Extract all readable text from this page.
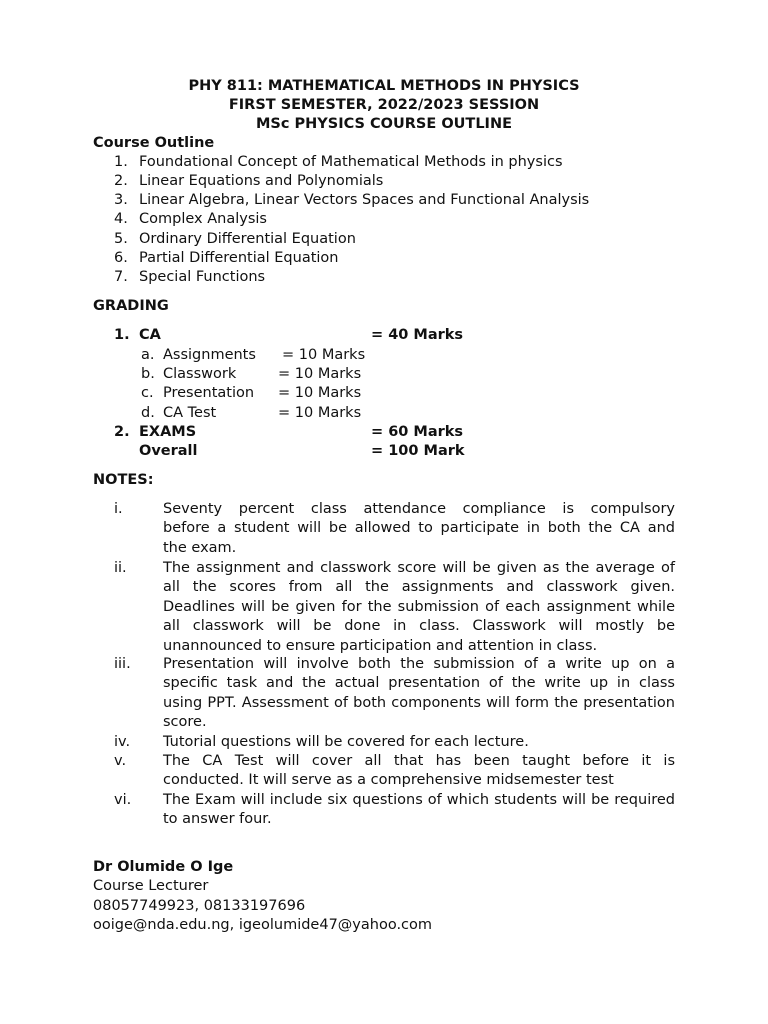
PHY 811: MATHEMATICAL METHODS IN PHYSICS
FIRST SEMESTER, 2022/2023 SESSION
MSc PHYSICS COURSE OUTLINE
Course Outline
1. Foundational Concept of Mathematical Methods in physics
2. Linear Equations and Polynomials
3. Linear Algebra, Linear Vectors Spaces and Functional Analysis
4. Complex Analysis
5. Ordinary Differential Equation
6. Partial Differential Equation
7. Special Functions
GRADING
1. CA	= 40 Marks
a. Assignments = 10 Marks
b. Classwork	= 10 Marks
c. Presentation = 10 Marks
d. CA Test	= 10 Marks
2. EXAMS	= 60 Marks
Overall	= 100 Mark
NOTES:
i.	Seventy percent class attendance compliance is compulsory
before a student will be allowed to participate in both the CA and
the exam.
ii.	The assignment and classwork score will be given as the average of
all the scores from all the assignments and classwork given.
Deadlines will be given for the submission of each assignment while
all classwork will be done in class. Classwork will mostly be
unannounced to ensure participation and attention in class.
iii. Presentation will involve both the submission of a write up on a
specific task and the actual presentation of the write up in class
using PPT. Assessment of both components will form the presentation
score.
iv. Tutorial questions will be covered for each lecture.
v.	The CA Test will cover all that has been taught before it is
conducted. It will serve as a comprehensive midsemester test
vi. The Exam will include six questions of which students will be required
to answer four.
Dr Olumide O Ige
Course Lecturer
08057749923, 08133197696
ooige@nda.edu.ng, igeolumide47@yahoo.com
